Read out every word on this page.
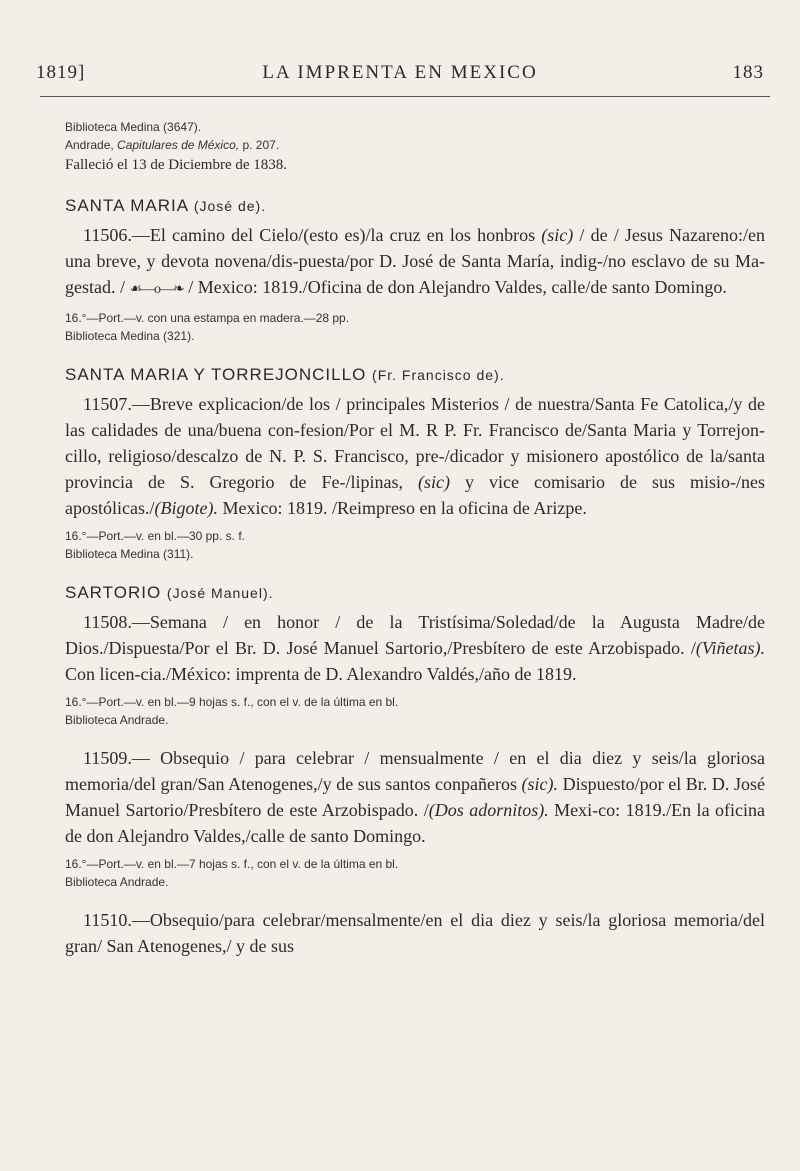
1819]	LA IMPRENTA EN MEXICO	183

Biblioteca Medina (3647).

Andrade, Capitulares de México, p. 207.

Falleció el 13 de Diciembre de 1838.

SANTA MARIA (José de).

11506.—El camino del Cielo/(esto es)/la cruz en los honbros (sic) / de / Jesus Nazareno:/en una breve, y devota novena/dis-puesta/por D. José de Santa María, indig-/no esclavo de su Ma-gestad. / ☙—o—❧ / Mexico: 1819./Oficina de don Alejandro Valdes, calle/de santo Domingo.

16.°—Port.—v. con una estampa en madera.—28 pp.

Biblioteca Medina (321).

SANTA MARIA Y TORREJONCILLO (Fr. Francisco de).

11507.—Breve explicacion/de los / principales Misterios / de nuestra/Santa Fe Catolica,/y de las calidades de una/buena con-fesion/Por el M. R P. Fr. Francisco de/Santa Maria y Torrejon-cillo, religioso/descalzo de N. P. S. Francisco, pre-/dicador y misionero apostólico de la/santa provincia de S. Gregorio de Fe-/lipinas, (sic) y vice comisario de sus misio-/nes apostólicas./(Bigote). Mexico: 1819. /Reimpreso en la oficina de Arizpe.

16.°—Port.—v. en bl.—30 pp. s. f.

Biblioteca Medina (311).

SARTORIO (José Manuel).

11508.—Semana / en honor / de la Tristísima/Soledad/de la Augusta Madre/de Dios./Dispuesta/Por el Br. D. José Manuel Sartorio,/Presbítero de este Arzobispado. /(Viñetas). Con licen-cia./México: imprenta de D. Alexandro Valdés,/año de 1819.

16.°—Port.—v. en bl.—9 hojas s. f., con el v. de la última en bl.

Biblioteca Andrade.

11509.— Obsequio / para celebrar / mensualmente / en el dia diez y seis/la gloriosa memoria/del gran/San Atenogenes,/y de sus santos conpañeros (sic). Dispuesto/por el Br. D. José Manuel Sartorio/Presbítero de este Arzobispado. /(Dos adornitos). Mexi-co: 1819./En la oficina de don Alejandro Valdes,/calle de santo Domingo.

16.°—Port.—v. en bl.—7 hojas s. f., con el v. de la última en bl.

Biblioteca Andrade.

11510.—Obsequio/para celebrar/mensalmente/en el dia diez y seis/la gloriosa memoria/del gran/ San Atenogenes,/ y de sus
